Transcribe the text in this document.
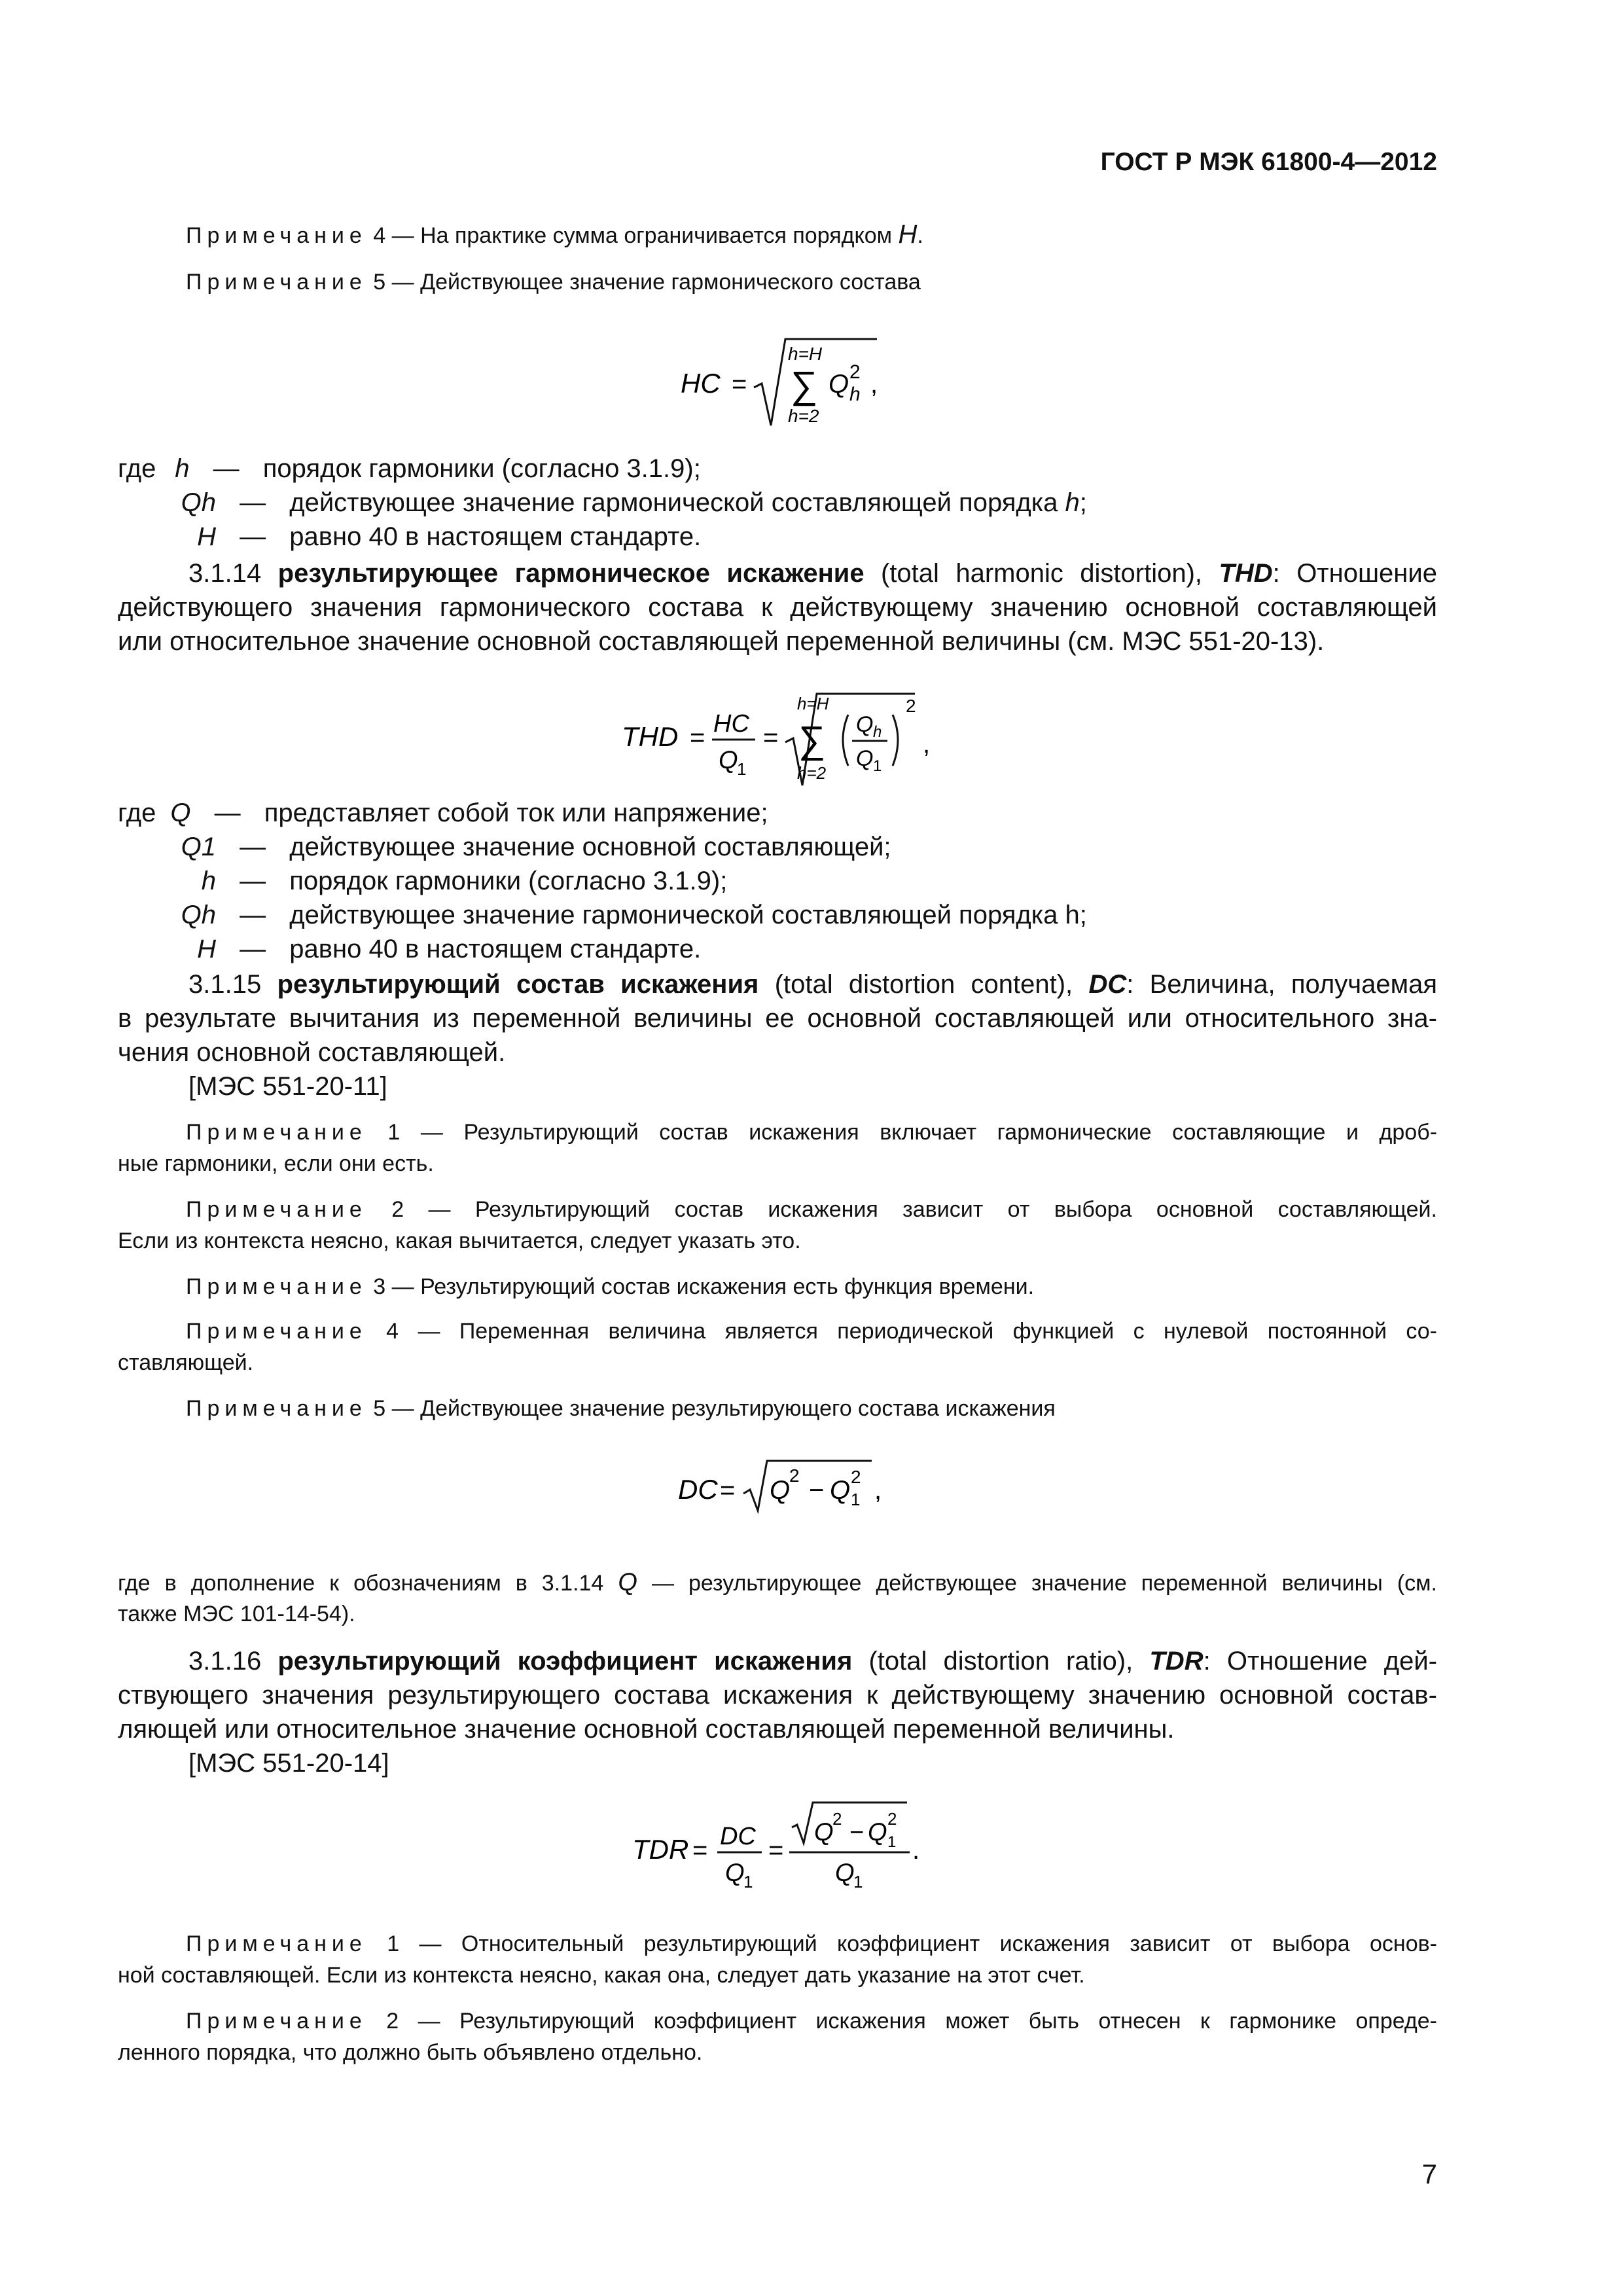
ГОСТ Р МЭК 61800-4—2012
Примечание 4 — На практике сумма ограничивается порядком H.
Примечание 5 — Действующее значение гармонического состава
HC =
h=H
∑
h=2
Q 2
h ,
где h — порядок гармоники (согласно 3.1.9);
Qh — действующее значение гармонической составляющей порядка h;
H — равно 40 в настоящем стандарте.
3.1.14 результирующее гармоническое искажение (total harmonic distortion), THD: Отношение
действующего значения гармонического состава к действующему значению основной составляющей
или относительное значение основной составляющей переменной величины (см. МЭС 551-20-13).
THD = HC
Q
1
=
h=H
∑
h=2
Q h
Q 1
2
,
где Q — представляет собой ток или напряжение;
Q1 — действующее значение основной составляющей;
h — порядок гармоники (согласно 3.1.9);
Qh — действующее значение гармонической составляющей порядка h;
H — равно 40 в настоящем стандарте.
3.1.15 результирующий состав искажения (total distortion content), DC: Величина, получаемая
в результате вычитания из переменной величины ее основной составляющей или относительного зна-
чения основной составляющей.
[МЭС 551-20-11]
Примечание 1 — Результирующий состав искажения включает гармонические составляющие и дроб-
ные гармоники, если они есть.
Примечание 2 — Результирующий состав искажения зависит от выбора основной составляющей.
Если из контекста неясно, какая вычитается, следует указать это.
Примечание 3 — Результирующий состав искажения есть функция времени.
Примечание 4 — Переменная величина является периодической функцией с нулевой постоянной со-
ставляющей.
Примечание 5 — Действующее значение результирующего состава искажения
DC = Q
2
− Q 1
2 ,
где в дополнение к обозначениям в 3.1.14 Q — результирующее действующее значение переменной величины (см.
также МЭС 101-14-54).
3.1.16 результирующий коэффициент искажения (total distortion ratio), TDR: Отношение дей-
ствующего значения результирующего состава искажения к действующему значению основной состав-
ляющей или относительное значение основной составляющей переменной величины.
[МЭС 551-20-14]
TDR = DC
Q
1
=
Q
2 − Q 1
2
Q
1
.
Примечание 1 — Относительный результирующий коэффициент искажения зависит от выбора основ-
ной составляющей. Если из контекста неясно, какая она, следует дать указание на этот счет.
Примечание 2 — Результирующий коэффициент искажения может быть отнесен к гармонике опреде-
ленного порядка, что должно быть объявлено отдельно.
7
